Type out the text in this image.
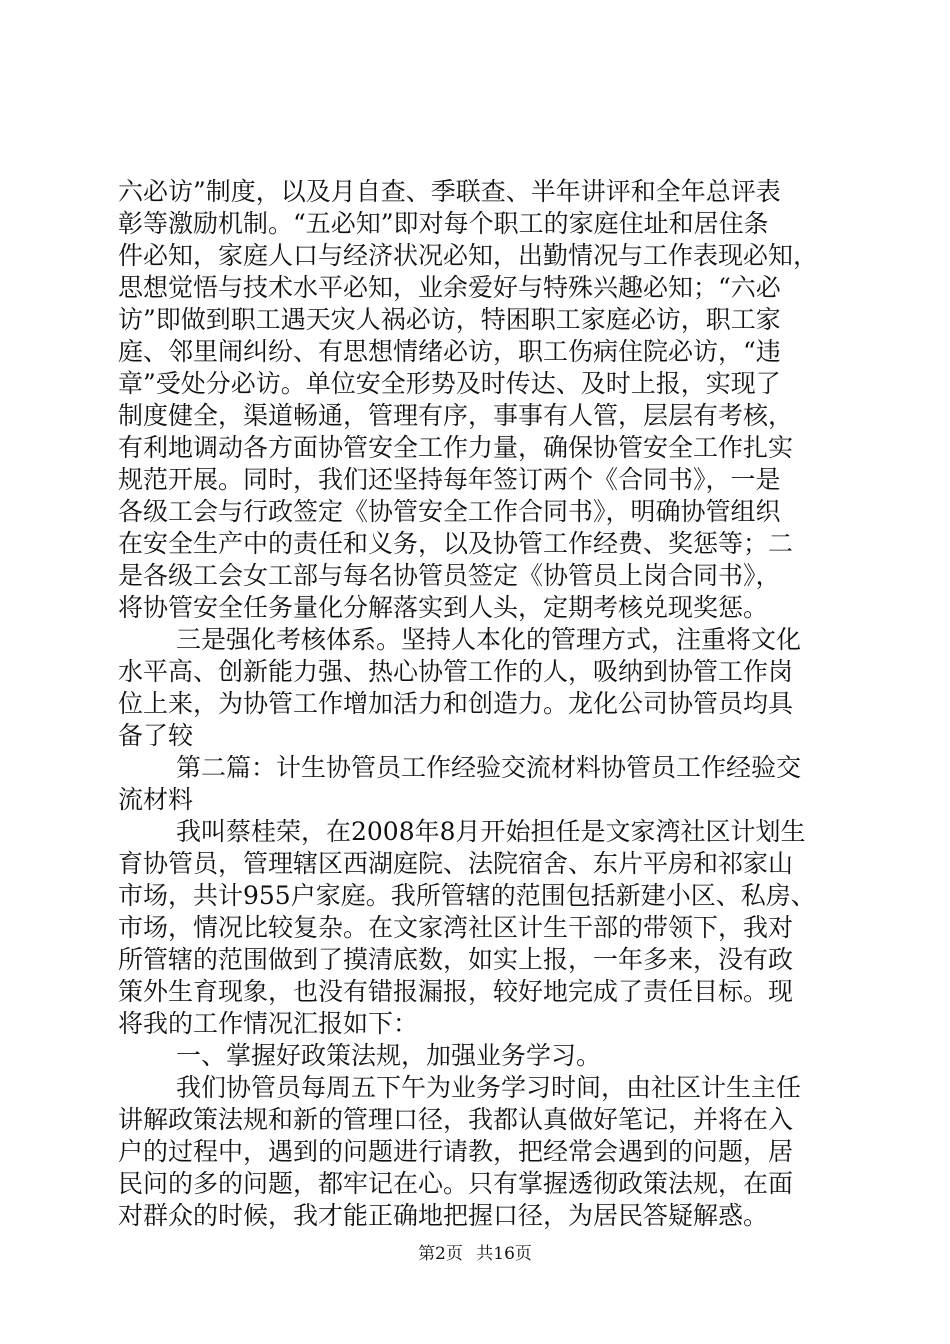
六必访”制度，以及月自查、季联查、半年讲评和全年总评表
彰等激励机制。“五必知”即对每个职工的家庭住址和居住条
件必知，家庭人口与经济状况必知，出勤情况与工作表现必知，
思想觉悟与技术水平必知，业余爱好与特殊兴趣必知；“六必
访”即做到职工遇天灾人祸必访，特困职工家庭必访，职工家
庭、邻里闹纠纷、有思想情绪必访，职工伤病住院必访，“违
章”受处分必访。单位安全形势及时传达、及时上报，实现了
制度健全，渠道畅通，管理有序，事事有人管，层层有考核，
有利地调动各方面协管安全工作力量，确保协管安全工作扎实
规范开展。同时，我们还坚持每年签订两个《合同书》，一是
各级工会与行政签定《协管安全工作合同书》，明确协管组织
在安全生产中的责任和义务，以及协管工作经费、奖惩等；二
是各级工会女工部与每名协管员签定《协管员上岗合同书》，
将协管安全任务量化分解落实到人头，定期考核兑现奖惩。
三是强化考核体系。坚持人本化的管理方式，注重将文化
水平高、创新能力强、热心协管工作的人，吸纳到协管工作岗
位上来，为协管工作增加活力和创造力。龙化公司协管员均具
备了较
第二篇：计生协管员工作经验交流材料协管员工作经验交
流材料
我叫蔡桂荣，在2008年8月开始担任是文家湾社区计划生
育协管员，管理辖区西湖庭院、法院宿舍、东片平房和祁家山
市场，共计955户家庭。我所管辖的范围包括新建小区、私房、
市场，情况比较复杂。在文家湾社区计生干部的带领下，我对
所管辖的范围做到了摸清底数，如实上报，一年多来，没有政
策外生育现象，也没有错报漏报，较好地完成了责任目标。现
将我的工作情况汇报如下：
一、掌握好政策法规，加强业务学习。
我们协管员每周五下午为业务学习时间，由社区计生主任
讲解政策法规和新的管理口径，我都认真做好笔记，并将在入
户的过程中，遇到的问题进行请教，把经常会遇到的问题，居
民问的多的问题，都牢记在心。只有掌握透彻政策法规，在面
对群众的时候，我才能正确地把握口径，为居民答疑解惑。
第2页 共16页
